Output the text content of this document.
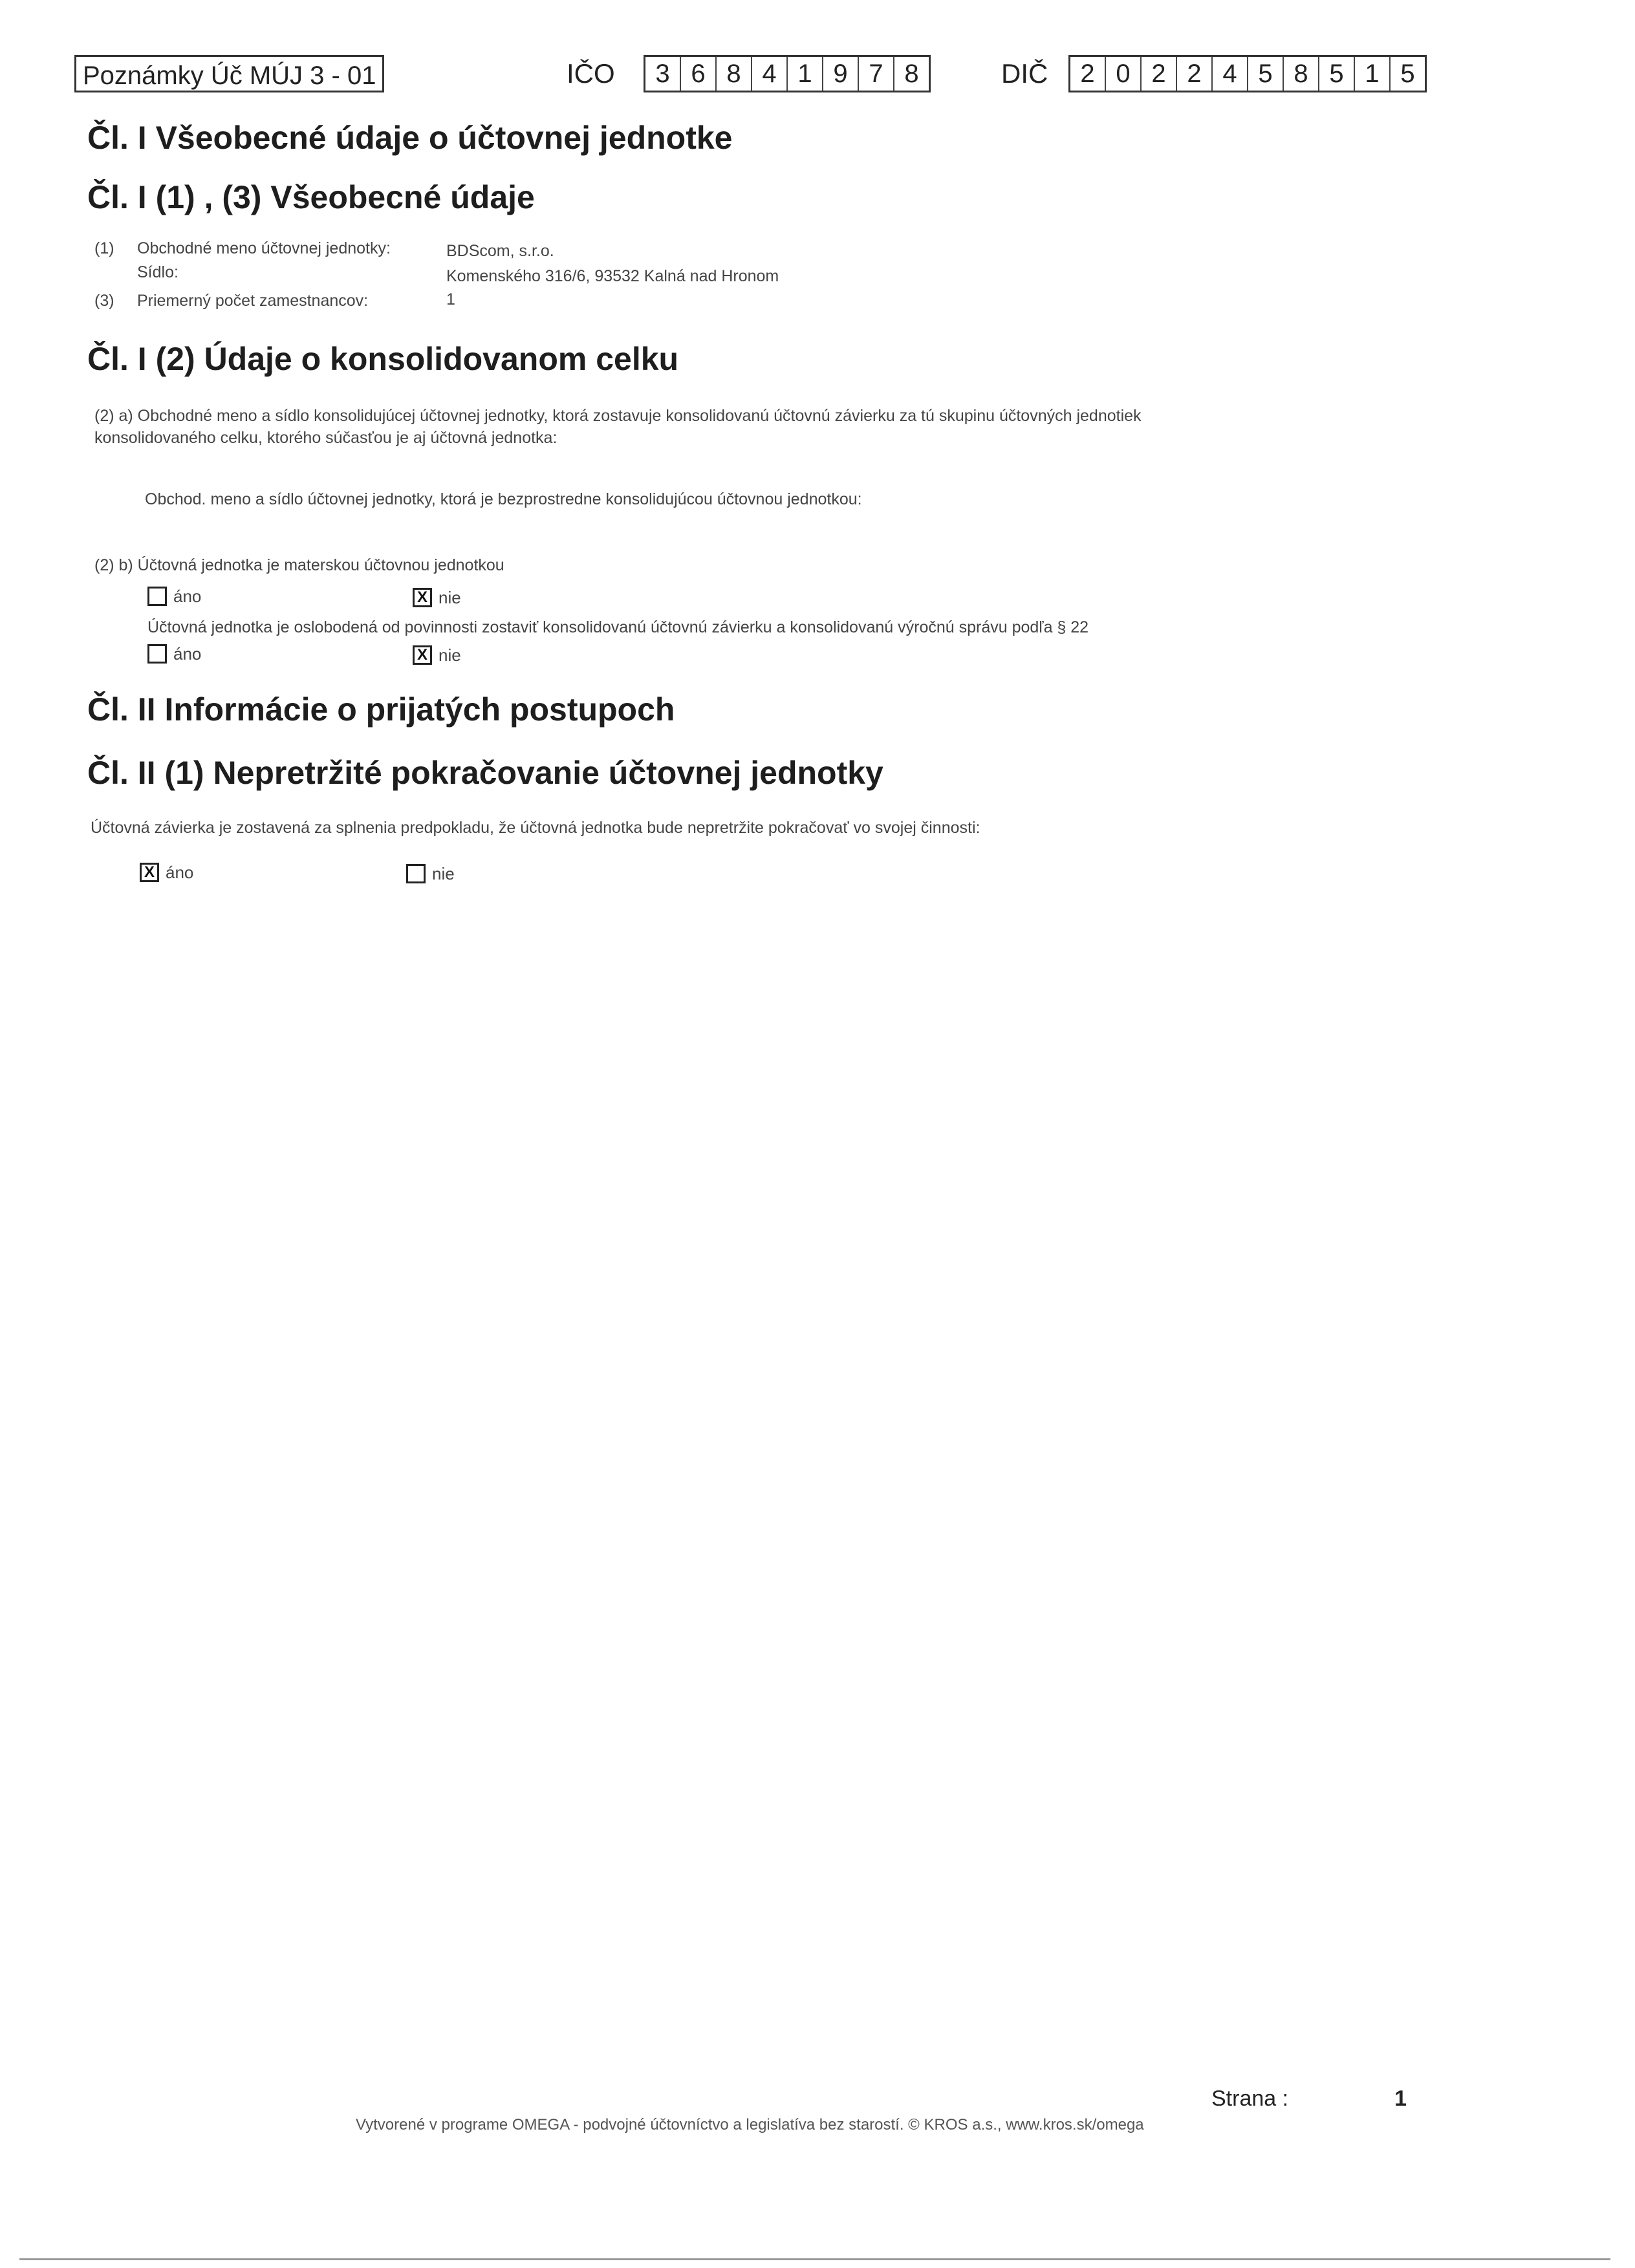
Poznámky Úč MÚJ 3 - 01	IČO	3 6 8 4 1 9 7 8	DIČ	2 0 2 2 4 5 8 5 1 5
Čl. I Všeobecné údaje o účtovnej jednotke
Čl. I (1) , (3) Všeobecné údaje
(1) Obchodné meno účtovnej jednotky:	BDScom, s.r.o.
Sídlo:	Komenského 316/6, 93532 Kalná nad Hronom
(3) Priemerný počet zamestnancov:	1
Čl. I (2) Údaje o konsolidovanom celku
(2) a) Obchodné meno a sídlo konsolidujúcej účtovnej jednotky, ktorá zostavuje konsolidovanú účtovnú závierku za tú skupinu účtovných jednotiek
konsolidovaného celku, ktorého súčasťou je aj účtovná jednotka:
Obchod. meno a sídlo účtovnej jednotky, ktorá je bezprostredne konsolidujúcou účtovnou jednotkou:
(2) b) Účtovná jednotka je materskou účtovnou jednotkou
áno	X nie
Účtovná jednotka je oslobodená od povinnosti zostaviť konsolidovanú účtovnú závierku a konsolidovanú výročnú správu podľa § 22
áno	X nie
Čl. II Informácie o prijatých postupoch
Čl. II (1) Nepretržité pokračovanie účtovnej jednotky
Účtovná závierka je zostavená za splnenia predpokladu, že účtovná jednotka bude nepretržite pokračovať vo svojej činnosti:
X áno	nie
Vytvorené v programe OMEGA - podvojné účtovníctvo a legislatíva bez starostí. © KROS a.s., www.kros.sk/omega
Strana :	1
